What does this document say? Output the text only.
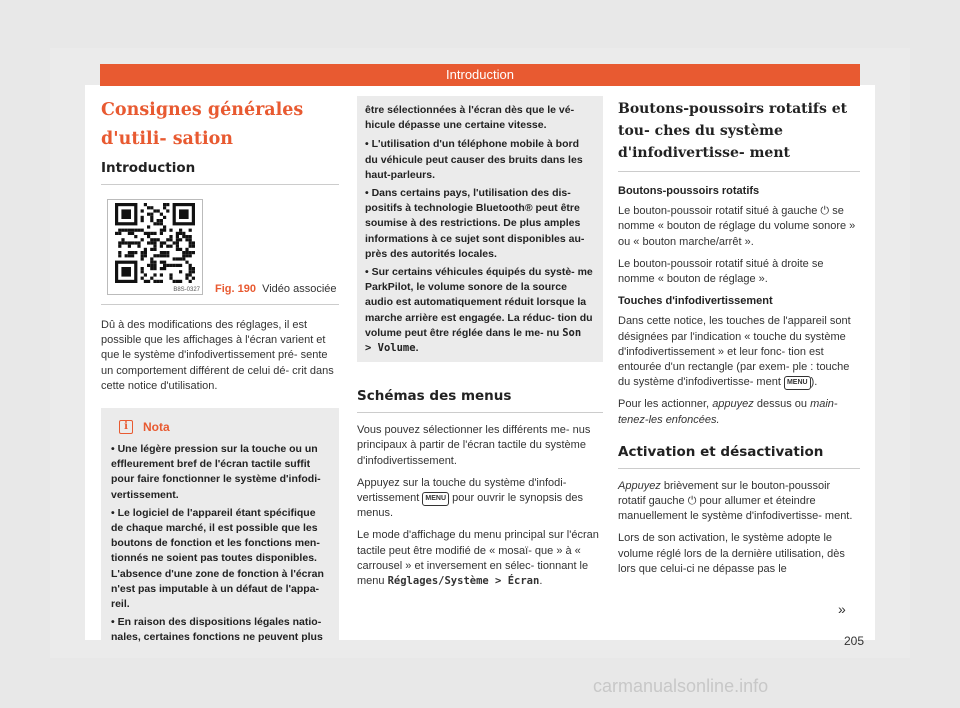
Introduction
Consignes générales d'utili- sation
Introduction
B8S-0327 Fig. 190 Vidéo associée

Dû à des modifications des réglages, il est possible que les affichages à l'écran varient et que le système d'infodivertissement pré- sente un comportement différent de celui dé- crit dans cette notice d'utilisation.

i	Nota
• Une légère pression sur la touche ou un effleurement bref de l'écran tactile suffit pour faire fonctionner le système d'infodi- vertissement.
• Le logiciel de l'appareil étant spécifique de chaque marché, il est possible que les boutons de fonction et les fonctions men- tionnés ne soient pas toutes disponibles. L'absence d'une zone de fonction à l'écran n'est pas imputable à un défaut de l'appa- reil.
• En raison des dispositions légales natio- nales, certaines fonctions ne peuvent plus

être sélectionnées à l'écran dès que le vé- hicule dépasse une certaine vitesse.

• L'utilisation d'un téléphone mobile à bord du véhicule peut causer des bruits dans les haut-parleurs.
• Dans certains pays, l'utilisation des dis- positifs à technologie Bluetooth® peut être soumise à des restrictions. De plus amples informations à ce sujet sont disponibles au- près des autorités locales.
• Sur certains véhicules équipés du systè- me ParkPilot, le volume sonore de la source audio est automatiquement réduit lorsque la marche arrière est engagée. La réduc- tion du volume peut être réglée dans le me- nu Son > Volume.
Schémas des menus

Vous pouvez sélectionner les différents me- nus principaux à partir de l'écran tactile du système d'infodivertissement.

Appuyez sur la touche du système d'infodi- vertissement MENU pour ouvrir le synopsis des menus.

Le mode d'affichage du menu principal sur l'écran tactile peut être modifié de « mosaï- que » à « carrousel » et inversement en sélec- tionnant le menu Réglages/Système > Écran.

Boutons-poussoirs rotatifs et tou- ches du système d'infodivertisse- ment

Boutons-poussoirs rotatifs

Le bouton-poussoir rotatif situé à gauche ⏻ se nomme « bouton de réglage du volume sonore » ou « bouton marche/arrêt ».

Le bouton-poussoir rotatif situé à droite se nomme « bouton de réglage ».

Touches d'infodivertissement

Dans cette notice, les touches de l'appareil sont désignées par l'indication « touche du système d'infodivertissement » et leur fonc- tion est entourée d'un rectangle (par exem- ple : touche du système d'infodivertisse- ment MENU ).

Pour les actionner, appuyez dessus ou main- tenez-les enfoncées.

Activation et désactivation

Appuyez brièvement sur le bouton-poussoir rotatif gauche ⏻ pour allumer et éteindre manuellement le système d'infodivertisse- ment.

Lors de son activation, le système adopte le volume réglé lors de la dernière utilisation, dès lors que celui-ci ne dépasse pas le

»
205
carmanualsonline.info
